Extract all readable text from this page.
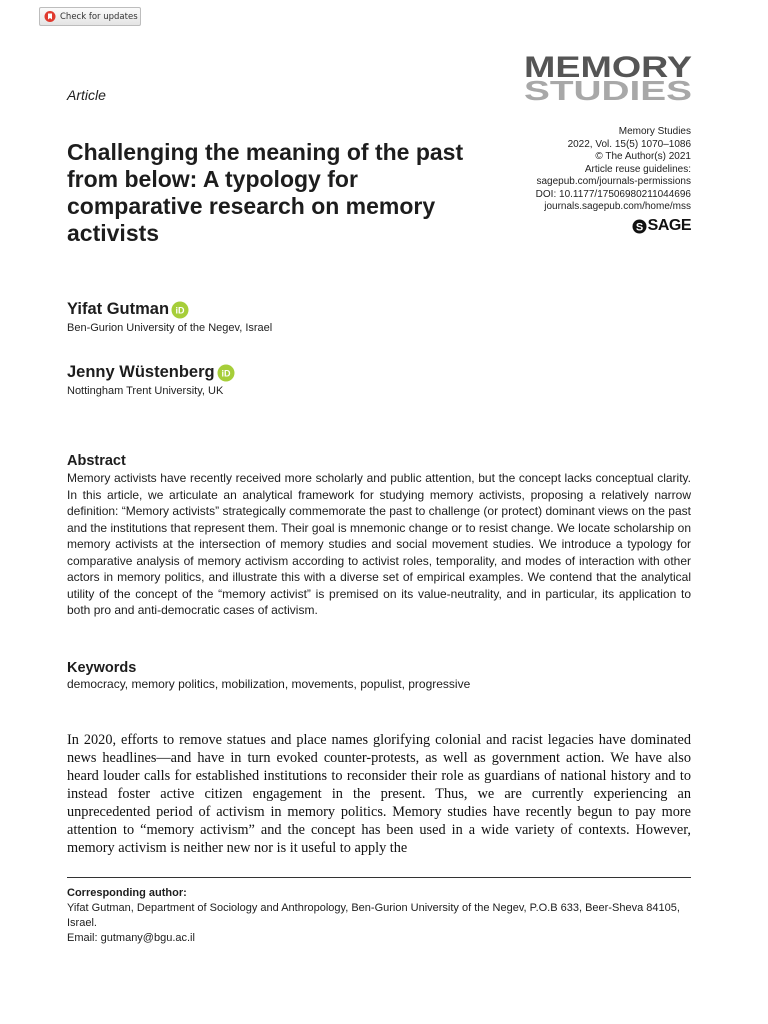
Check for updates
Article
MEMORY
STUDIES
Memory Studies
2022, Vol. 15(5) 1070–1086
© The Author(s) 2021
Article reuse guidelines:
sagepub.com/journals-permissions
DOI: 10.1177/17506980211044696
journals.sagepub.com/home/mss
S SAGE
Challenging the meaning of the past from below: A typology for comparative research on memory activists
Yifat Gutman iD
Ben-Gurion University of the Negev, Israel
Jenny Wüstenberg iD
Nottingham Trent University, UK
Abstract
Memory activists have recently received more scholarly and public attention, but the concept lacks conceptual clarity. In this article, we articulate an analytical framework for studying memory activists, proposing a relatively narrow definition: “Memory activists” strategically commemorate the past to challenge (or protect) dominant views on the past and the institutions that represent them. Their goal is mnemonic change or to resist change. We locate scholarship on memory activists at the intersection of memory studies and social movement studies. We introduce a typology for comparative analysis of memory activism according to activist roles, temporality, and modes of interaction with other actors in memory politics, and illustrate this with a diverse set of empirical examples. We contend that the analytical utility of the concept of the “memory activist” is premised on its value-neutrality, and in particular, its application to both pro and anti-democratic cases of activism.
Keywords
democracy, memory politics, mobilization, movements, populist, progressive

In 2020, efforts to remove statues and place names glorifying colonial and racist legacies have dominated news headlines—and have in turn evoked counter-protests, as well as government action. We have also heard louder calls for established institutions to reconsider their role as guardians of national history and to instead foster active citizen engagement in the present. Thus, we are currently experiencing an unprecedented period of activism in memory politics. Memory studies have recently begun to pay more attention to “memory activism” and the concept has been used in a wide variety of contexts. However, memory activism is neither new nor is it useful to apply the

Corresponding author:
Yifat Gutman, Department of Sociology and Anthropology, Ben-Gurion University of the Negev, P.O.B 633, Beer-Sheva 84105, Israel.
Email: gutmany@bgu.ac.il
